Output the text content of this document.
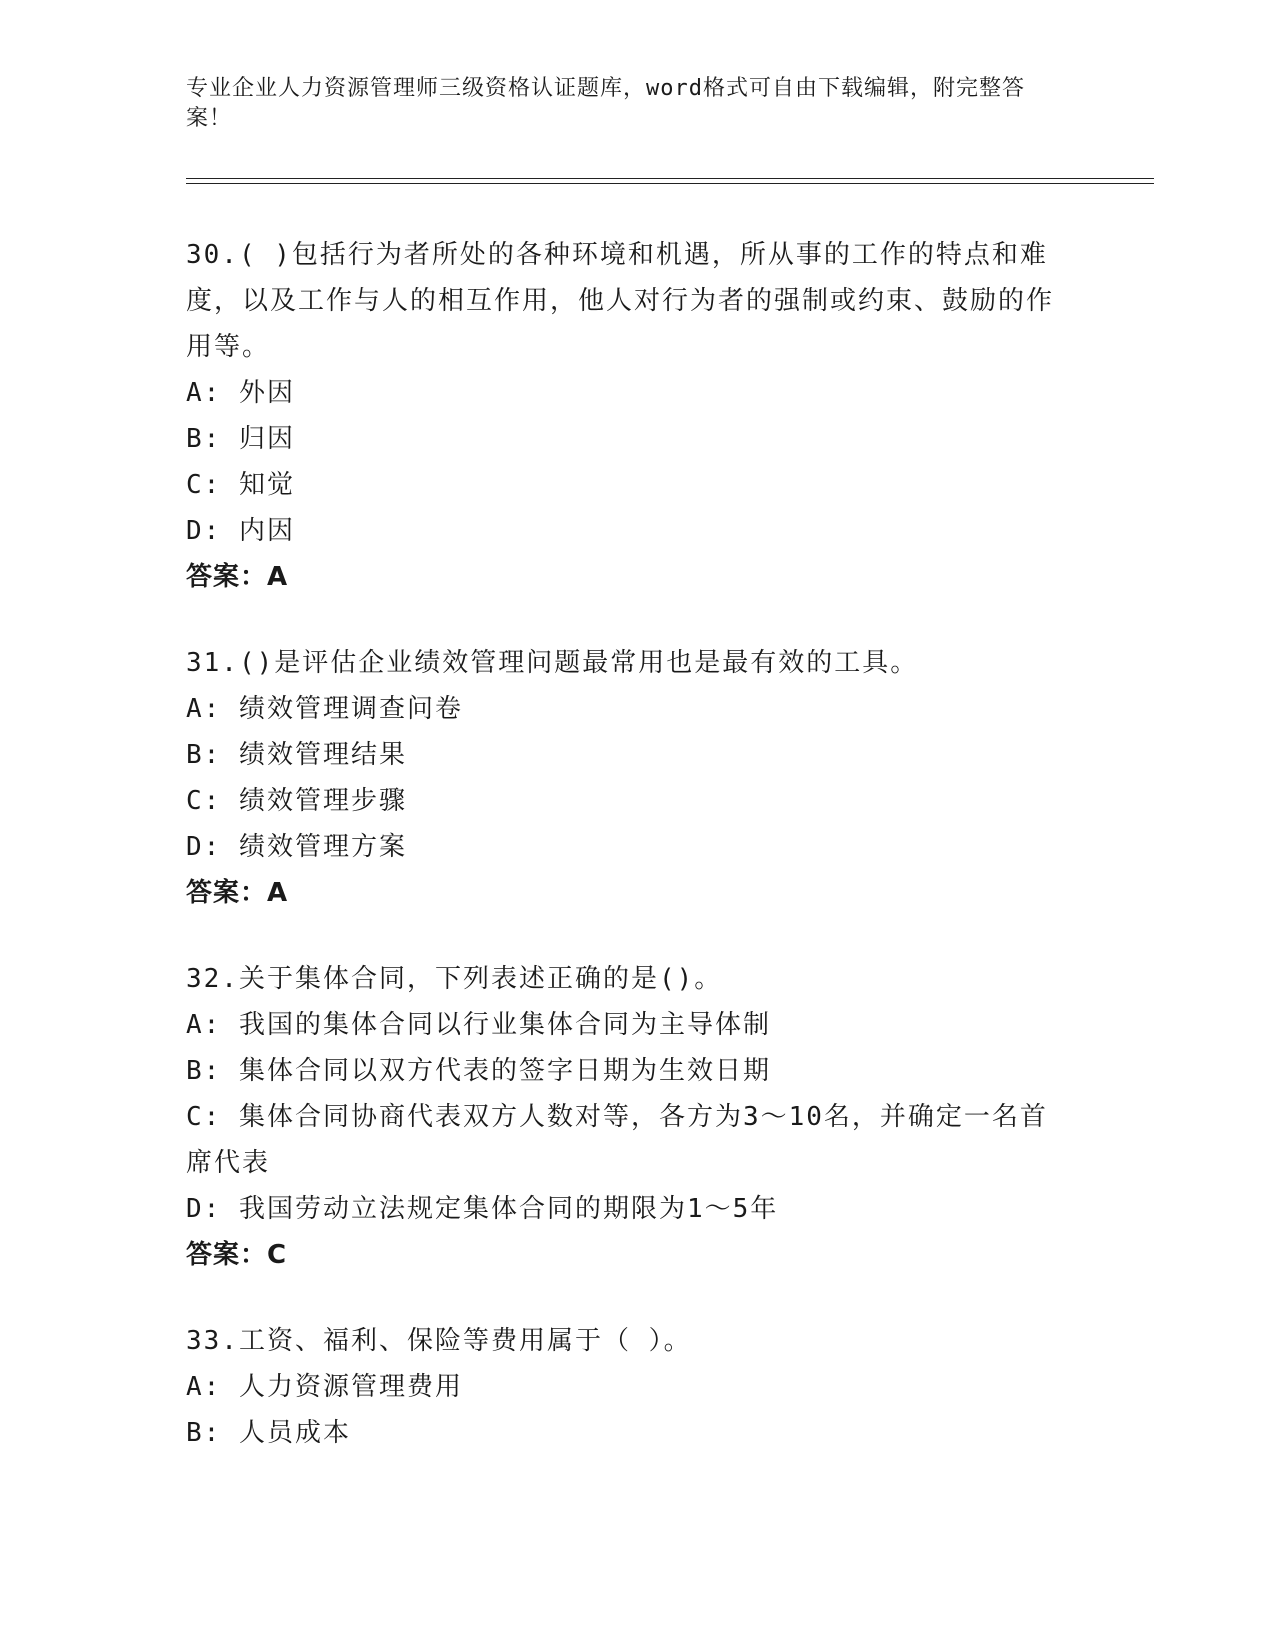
专业企业人力资源管理师三级资格认证题库，word格式可自由下载编辑，附完整答案！
30.( )包括行为者所处的各种环境和机遇，所从事的工作的特点和难度，以及工作与人的相互作用，他人对行为者的强制或约束、鼓励的作用等。
A: 外因
B: 归因
C: 知觉
D: 内因
答案：A
31.()是评估企业绩效管理问题最常用也是最有效的工具。
A: 绩效管理调查问卷
B: 绩效管理结果
C: 绩效管理步骤
D: 绩效管理方案
答案：A
32.关于集体合同，下列表述正确的是()。
A: 我国的集体合同以行业集体合同为主导体制
B: 集体合同以双方代表的签字日期为生效日期
C: 集体合同协商代表双方人数对等，各方为3～10名，并确定一名首席代表
D: 我国劳动立法规定集体合同的期限为1～5年
答案：C
33.工资、福利、保险等费用属于（ ）。
A: 人力资源管理费用
B: 人员成本
